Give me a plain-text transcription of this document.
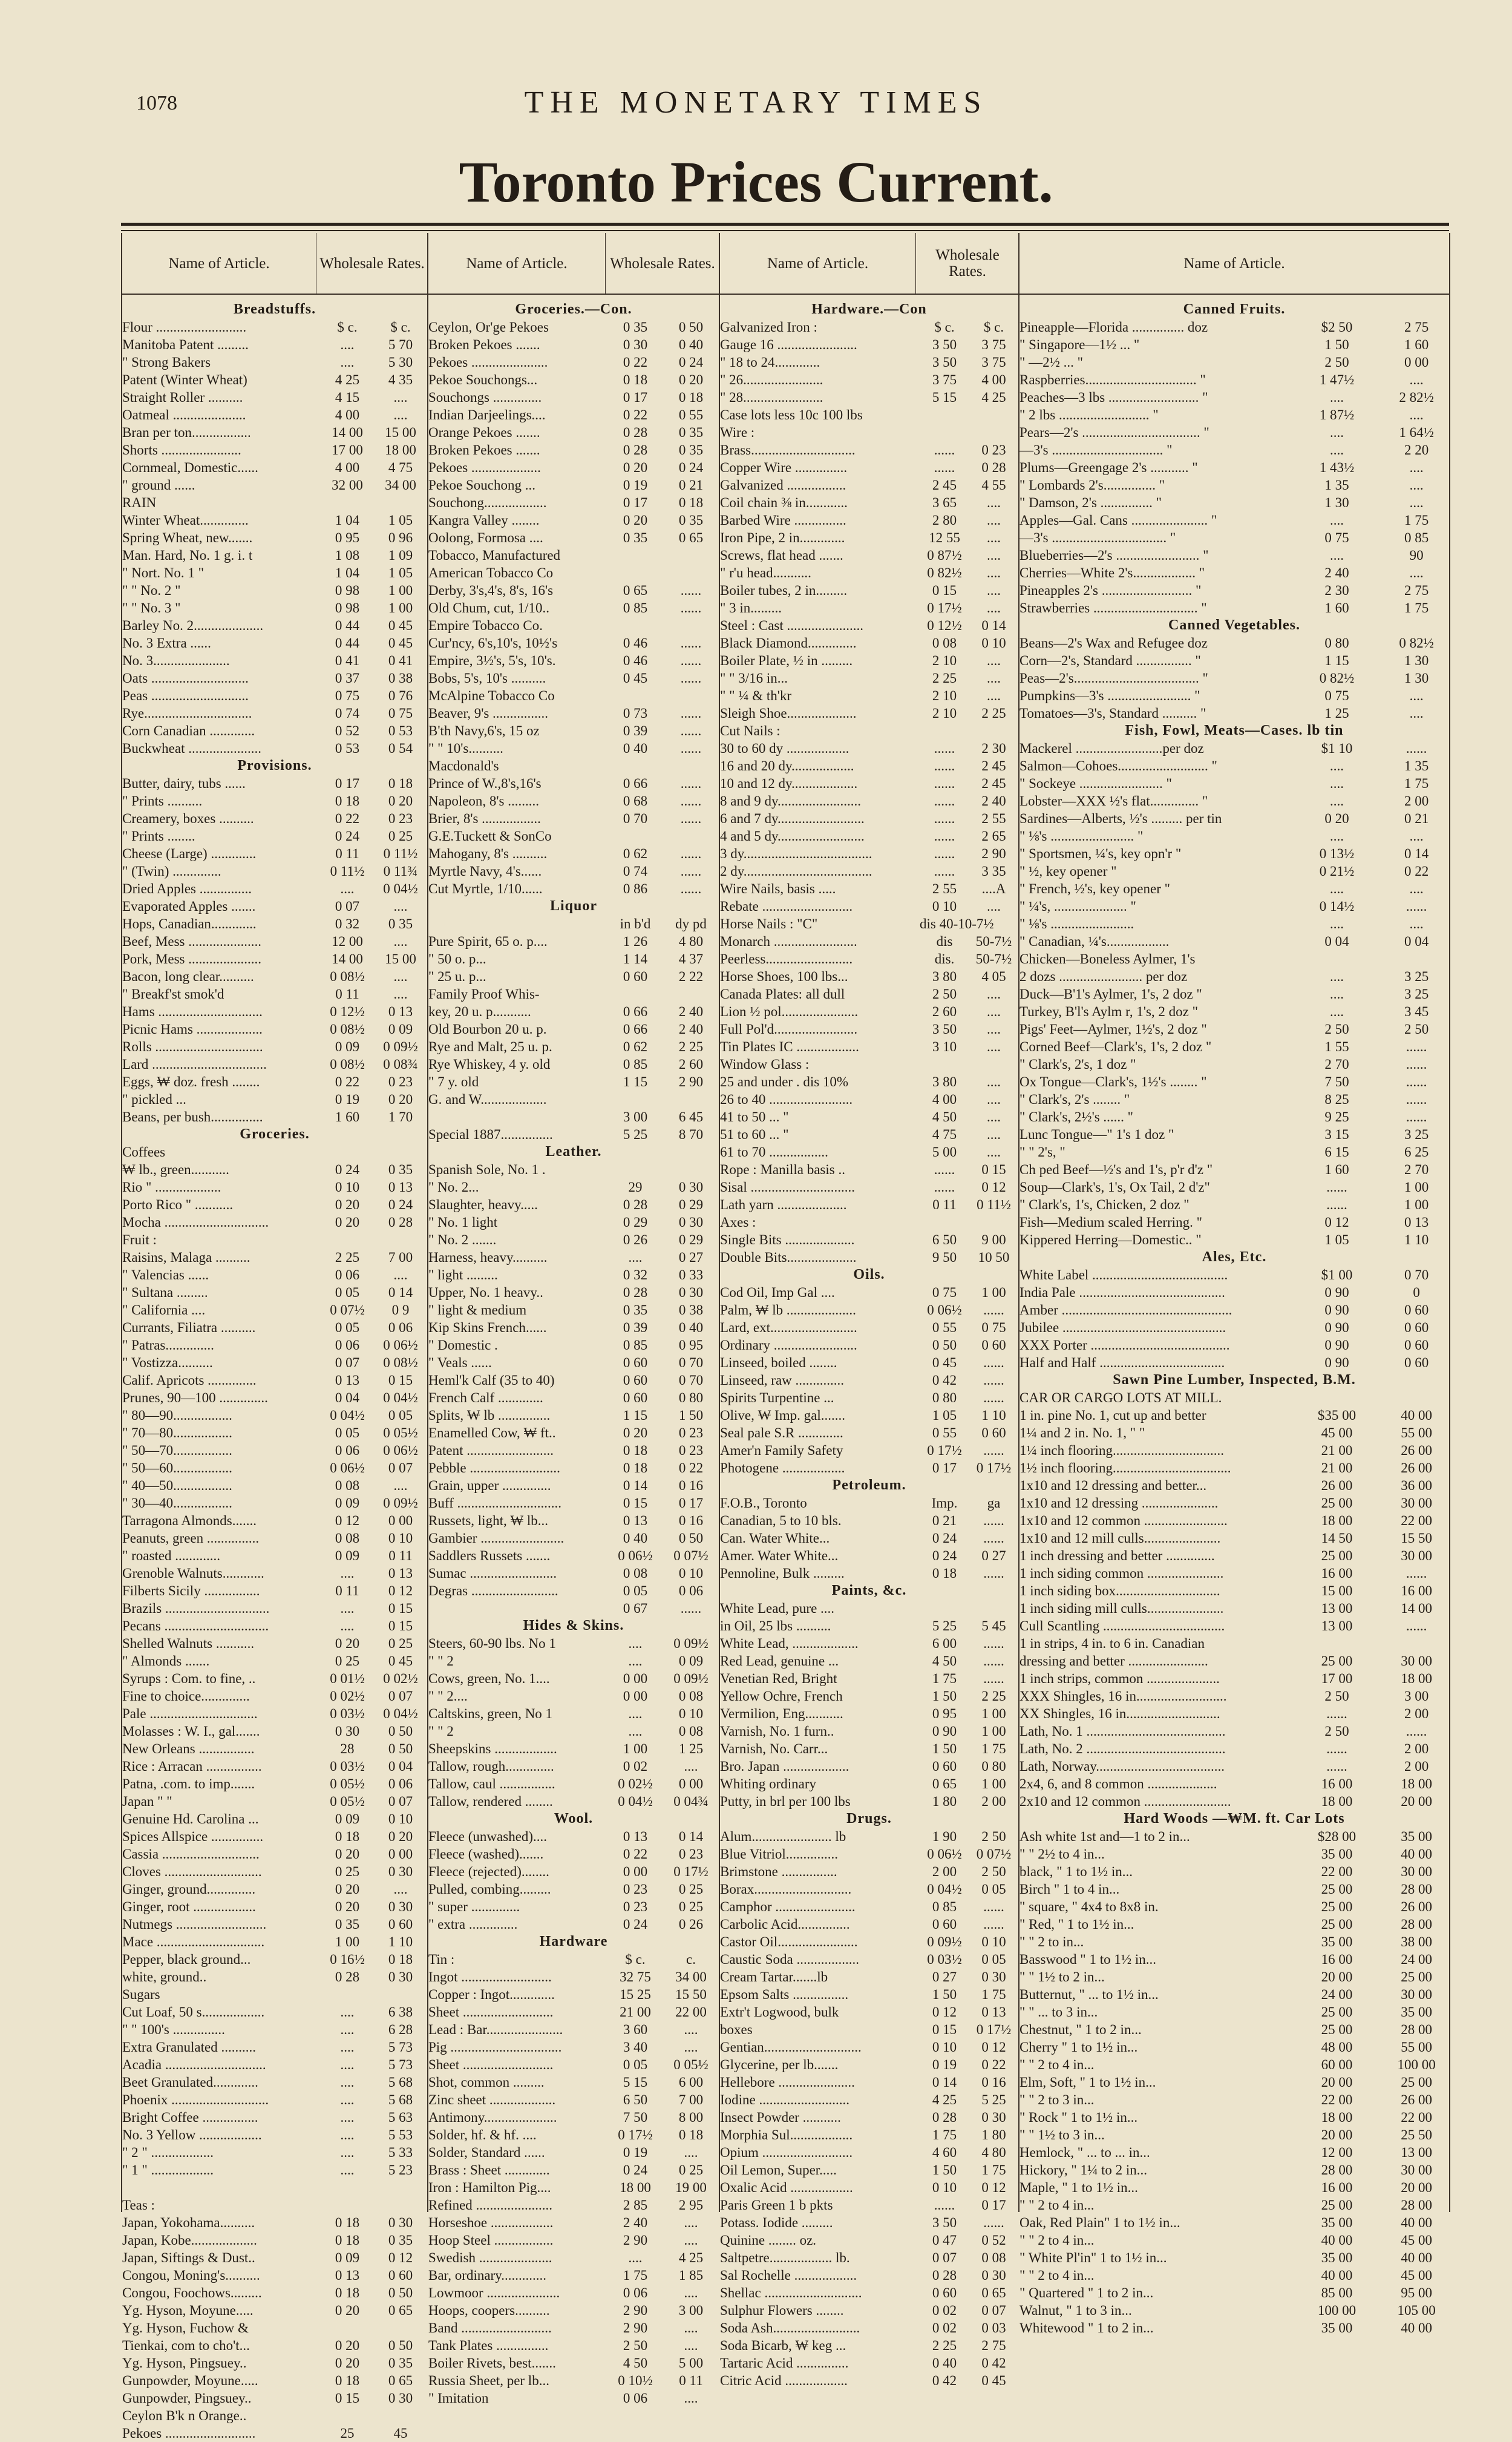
1078	THE MONETARY TIMES
Toronto Prices Current.
Name of Article.	Wholesale Rates.
Breadstuffs.
Flour ..........................	$ c.	$ c.
Manitoba Patent .........	....	5 70
" Strong Bakers	....	5 30
Patent (Winter Wheat)	4 25	4 35
Straight Roller ..........	4 15	....
Oatmeal .....................	4 00	....
Bran per ton.................	14 00	15 00
Shorts .......................	17 00	18 00
Cornmeal, Domestic......	4 00	4 75
" ground ......	32 00	34 00
RAIN
Winter Wheat..............	1 04	1 05
Spring Wheat, new.......	0 95	0 96
Man. Hard, No. 1 g. i. t	1 08	1 09
" Nort. No. 1 "	1 04	1 05
" " No. 2 "	0 98	1 00
" " No. 3 "	0 98	1 00
Barley No. 2....................	0 44	0 45
No. 3 Extra ......	0 44	0 45
No. 3......................	0 41	0 41
Oats ............................	0 37	0 38
Peas ............................	0 75	0 76
Rye...............................	0 74	0 75
Corn Canadian .............	0 52	0 53
Buckwheat .....................	0 53	0 54
Provisions.
Butter, dairy, tubs ......	0 17	0 18
" Prints ..........	0 18	0 20
Creamery, boxes ..........	0 22	0 23
" Prints ........	0 24	0 25
Cheese (Large) .............	0 11	0 11½
" (Twin) ..............	0 11½	0 11¾
Dried Apples ...............	....	0 04½
Evaporated Apples .......	0 07	....
Hops, Canadian.............	0 32	0 35
Beef, Mess .....................	12 00	....
Pork, Mess .....................	14 00	15 00
Bacon, long clear..........	0 08½	....
" Breakf'st smok'd	0 11	....
Hams ..............................	0 12½	0 13
Picnic Hams ...................	0 08½	0 09
Rolls ...............................	0 09	0 09½
Lard .................................	0 08½	0 08¾
Eggs, ₩ doz. fresh ........	0 22	0 23
" pickled ...	0 19	0 20
Beans, per bush...............	1 60	1 70
Groceries.
Coffees
₩ lb., green...........	0 24	0 35
Rio " ...................	0 10	0 13
Porto Rico " ...........	0 20	0 24
Mocha ..............................	0 20	0 28
Fruit :
Raisins, Malaga ..........	2 25	7 00
" Valencias ......	0 06	....
" Sultana .........	0 05	0 14
" California ....	0 07½	0 9
Currants, Filiatra ..........	0 05	0 06
" Patras..............	0 06	0 06½
" Vostizza..........	0 07	0 08½
Calif. Apricots ..............	0 13	0 15
Prunes, 90—100 ..............	0 04	0 04½
" 80—90.................	0 04½	0 05
" 70—80.................	0 05	0 05½
" 50—70.................	0 06	0 06½
" 50—60.................	0 06½	0 07
" 40—50.................	0 08	....
" 30—40.................	0 09	0 09½
Tarragona Almonds.......	0 12	0 00
Peanuts, green ...............	0 08	0 10
" roasted .............	0 09	0 11
Grenoble Walnuts............	....	0 13
Filberts Sicily ................	0 11	0 12
Brazils ..............................	....	0 15
Pecans ..............................	....	0 15
Shelled Walnuts ...........	0 20	0 25
" Almonds .......	0 25	0 45
Syrups : Com. to fine, ..	0 01½	0 02½
Fine to choice..............	0 02½	0 07
Pale ...............................	0 03½	0 04½
Molasses : W. I., gal.......	0 30	0 50
New Orleans ................	28	0 50
Rice : Arracan ................	0 03½	0 04
Patna, .com. to imp.......	0 05½	0 06
Japan " "	0 05½	0 07
Genuine Hd. Carolina ...	0 09	0 10
Spices Allspice ...............	0 18	0 20
Cassia ............................	0 20	0 00
Cloves ............................	0 25	0 30
Ginger, ground..............	0 20	....
Ginger, root ..................	0 20	0 30
Nutmegs ..........................	0 35	0 60
Mace ...............................	1 00	1 10
Pepper, black ground...	0 16½	0 18
white, ground..	0 28	0 30
Sugars
Cut Loaf, 50 s..................	....	6 38
" " 100's ...............	....	6 28
Extra Granulated ..........	....	5 73
Acadia .............................	....	5 73
Beet Granulated.............	....	5 68
Phoenix ............................	....	5 68
Bright Coffee ................	....	5 63
No. 3 Yellow ..................	....	5 53
" 2 " ..................	....	5 33
" 1 " ..................	....	5 23
Teas :
Japan, Yokohama..........	0 18	0 30
Japan, Kobe...................	0 18	0 35
Japan, Siftings & Dust..	0 09	0 12
Congou, Moning's..........	0 13	0 60
Congou, Foochows.........	0 18	0 50
Yg. Hyson, Moyune.....	0 20	0 65
Yg. Hyson, Fuchow &
Tienkai, com to cho't...	0 20	0 50
Yg. Hyson, Pingsuey..	0 20	0 35
Gunpowder, Moyune.....	0 18	0 65
Gunpowder, Pingsuey..	0 15	0 30
Ceylon B'k n Orange..
Pekoes ..........................	25	45
Name of Article.	Wholesale Rates.
Groceries.—Con.
Ceylon, Or'ge Pekoes	0 35	0 50
Broken Pekoes .......	0 30	0 40
Pekoes ......................	0 22	0 24
Pekoe Souchongs...	0 18	0 20
Souchongs ..............	0 17	0 18
Indian Darjeelings....	0 22	0 55
Orange Pekoes .......	0 28	0 35
Broken Pekoes .......	0 28	0 35
Pekoes ....................	0 20	0 24
Pekoe Souchong ...	0 19	0 21
Souchong..................	0 17	0 18
Kangra Valley ........	0 20	0 35
Oolong, Formosa ....	0 35	0 65
Tobacco, Manufactured
American Tobacco Co
Derby, 3's,4's, 8's, 16's	0 65	......
Old Chum, cut, 1/10..	0 85	......
Empire Tobacco Co.
Cur'ncy, 6's,10's, 10½'s	0 46	......
Empire, 3½'s, 5's, 10's.	0 46	......
Bobs, 5's, 10's ..........	0 45	......
McAlpine Tobacco Co
Beaver, 9's ................	0 73	......
B'th Navy,6's, 15 oz	0 39	......
" " 10's..........	0 40	......
Macdonald's
Prince of W.,8's,16's	0 66	......
Napoleon, 8's .........	0 68	......
Brier, 8's .................	0 70	......
G.E.Tuckett & SonCo
Mahogany, 8's ..........	0 62	......
Myrtle Navy, 4's......	0 74	......
Cut Myrtle, 1/10......	0 86	......
Liquor
in b'd	dy pd
Pure Spirit, 65 o. p....	1 26	4 80
" 50 o. p...	1 14	4 37
" 25 u. p...	0 60	2 22
Family Proof Whis-
key, 20 u. p...........	0 66	2 40
Old Bourbon 20 u. p.	0 66	2 40
Rye and Malt, 25 u. p.	0 62	2 25
Rye Whiskey, 4 y. old	0 85	2 60
" 7 y. old	1 15	2 90
G. and W...................
3 00	6 45
Special 1887...............	5 25	8 70
Leather.
Spanish Sole, No. 1 .
" No. 2...	29	0 30
Slaughter, heavy.....	0 28	0 29
" No. 1 light	0 29	0 30
" No. 2 .......	0 26	0 29
Harness, heavy..........	....	0 27
" light .........	0 32	0 33
Upper, No. 1 heavy..	0 28	0 30
" light & medium	0 35	0 38
Kip Skins French......	0 39	0 40
" Domestic .	0 85	0 95
" Veals ......	0 60	0 70
Heml'k Calf (35 to 40)	0 60	0 70
French Calf .............	0 60	0 80
Splits, ₩ lb ...............	1 15	1 50
Enamelled Cow, ₩ ft..	0 20	0 23
Patent .........................	0 18	0 23
Pebble ..........................	0 18	0 22
Grain, upper ..............	0 14	0 16
Buff ..............................	0 15	0 17
Russets, light, ₩ lb...	0 13	0 16
Gambier ........................	0 40	0 50
Saddlers Russets .......	0 06½	0 07½
Sumac .........................	0 08	0 10
Degras .........................	0 05	0 06
0 67	......
Hides & Skins.
Steers, 60-90 lbs. No 1	....	0 09½
" " 2	....	0 09
Cows, green, No. 1....	0 00	0 09½
" " 2....	0 00	0 08
Caltskins, green, No 1	....	0 10
" " 2	....	0 08
Sheepskins ..................	1 00	1 25
Tallow, rough..............	0 02	....
Tallow, caul ................	0 02½	0 00
Tallow, rendered ........	0 04½	0 04¾
Wool.
Fleece (unwashed)....	0 13	0 14
Fleece (washed).......	0 22	0 23
Fleece (rejected)........	0 00	0 17½
Pulled, combing.........	0 23	0 25
" super ..............	0 23	0 25
" extra ..............	0 24	0 26
Hardware
Tin :	$ c.	c.
Ingot ..........................	32 75	34 00
Copper : Ingot.............	15 25	15 50
Sheet ..........................	21 00	22 00
Lead : Bar......................	3 60	....
Pig ................................	3 40	....
Sheet ..........................	0 05	0 05½
Shot, common .........	5 15	6 00
Zinc sheet ...................	6 50	7 00
Antimony.....................	7 50	8 00
Solder, hf. & hf. ....	0 17½	0 18
Solder, Standard ......	0 19	....
Brass : Sheet .............	0 24	0 25
Iron : Hamilton Pig....	18 00	19 00
Refined ......................	2 85	2 95
Horseshoe ..................	2 40	....
Hoop Steel .................	2 90	....
Swedish .....................	....	4 25
Bar, ordinary.............	1 75	1 85
Lowmoor .....................	0 06	....
Hoops, coopers..........	2 90	3 00
Band ..........................	2 90	....
Tank Plates ...............	2 50	....
Boiler Rivets, best.......	4 50	5 00
Russia Sheet, per lb...	0 10½	0 11
" Imitation	0 06	....
Name of Article.	Wholesale Rates.
Hardware.—Con
Galvanized Iron :	$ c.	$ c.
Gauge 16 .......................	3 50	3 75
" 18 to 24.............	3 50	3 75
" 26.......................	3 75	4 00
" 28.......................	5 15	4 25
Case lots less 10c 100 lbs
Wire :
Brass..............................	......	0 23
Copper Wire ...............	......	0 28
Galvanized .................	2 45	4 55
Coil chain ⅜ in............	3 65	....
Barbed Wire ...............	2 80	....
Iron Pipe, 2 in.............	12 55	....
Screws, flat head .......	0 87½	....
" r'u head...........	0 82½	....
Boiler tubes, 2 in.........	0 15	....
" 3 in.........	0 17½	....
Steel : Cast ......................	0 12½	0 14
Black Diamond..............	0 08	0 10
Boiler Plate, ½ in .........	2 10	....
" " 3/16 in...	2 25	....
" " ¼ & th'kr	2 10	....
Sleigh Shoe....................	2 10	2 25
Cut Nails :
30 to 60 dy ..................	......	2 30
16 and 20 dy..................	......	2 45
10 and 12 dy...................	......	2 45
8 and 9 dy........................	......	2 40
6 and 7 dy.........................	......	2 55
4 and 5 dy.........................	......	2 65
3 dy.....................................	......	2 90
2 dy.....................................	......	3 35
Wire Nails, basis .....	2 55	....A
Rebate ..........................	0 10	....
Horse Nails : "C"	dis 40-10-7½
Monarch ........................	dis	50-7½
Peerless.........................	dis.	50-7½
Horse Shoes, 100 lbs...	3 80	4 05
Canada Plates: all dull	2 50	....
Lion ½ pol......................	2 60	....
Full Pol'd........................	3 50	....
Tin Plates IC ..................	3 10	....
Window Glass :
25 and under . dis 10%	3 80	....
26 to 40 ........................	4 00	....
41 to 50 ... "	4 50	....
51 to 60 ... "	4 75	....
61 to 70 .................	5 00	....
Rope : Manilla basis ..	......	0 15
Sisal ..............................	......	0 12
Lath yarn ....................	0 11	0 11½
Axes :
Single Bits ....................	6 50	9 00
Double Bits....................	9 50	10 50
Oils.
Cod Oil, Imp Gal ....	0 75	1 00
Palm, ₩ lb ....................	0 06½	......
Lard, ext.........................	0 55	0 75
Ordinary ........................	0 50	0 60
Linseed, boiled ........	0 45	......
Linseed, raw ..............	0 42	......
Spirits Turpentine ...	0 80	......
Olive, ₩ Imp. gal.......	1 05	1 10
Seal pale S.R .............	0 55	0 60
Amer'n Family Safety	0 17½	......
Photogene ..................	0 17	0 17½
Petroleum.
F.O.B., Toronto	Imp.	ga
Canadian, 5 to 10 bls.	0 21	......
Can. Water White...	0 24	......
Amer. Water White...	0 24	0 27
Pennoline, Bulk .........	0 18	......
Paints, &c.
White Lead, pure ....
in Oil, 25 lbs ..........	5 25	5 45
White Lead, ...................	6 00	......
Red Lead, genuine ...	4 50	......
Venetian Red, Bright	1 75	......
Yellow Ochre, French	1 50	2 25
Vermilion, Eng...........	0 95	1 00
Varnish, No. 1 furn..	0 90	1 00
Varnish, No. Carr...	1 50	1 75
Bro. Japan ...................	0 60	0 80
Whiting ordinary	0 65	1 00
Putty, in brl per 100 lbs	1 80	2 00
Drugs.
Alum....................... lb	1 90	2 50
Blue Vitriol...............	0 06½	0 07½
Brimstone ................	2 00	2 50
Borax............................	0 04½	0 05
Camphor .......................	0 85	......
Carbolic Acid...............	0 60	......
Castor Oil.......................	0 09½	0 10
Caustic Soda ..................	0 03½	0 05
Cream Tartar.......lb	0 27	0 30
Epsom Salts ................	1 50	1 75
Extr't Logwood, bulk	0 12	0 13
boxes	0 15	0 17½
Gentian............................	0 10	0 12
Glycerine, per lb.......	0 19	0 22
Hellebore ......................	0 14	0 16
Iodine ..........................	4 25	5 25
Insect Powder ...........	0 28	0 30
Morphia Sul..................	1 75	1 80
Opium ..........................	4 60	4 80
Oil Lemon, Super.....	1 50	1 75
Oxalic Acid ..................	0 10	0 12
Paris Green 1 b pkts	......	0 17
Potass. Iodide .........	3 50	......
Quinine ........ oz.	0 47	0 52
Saltpetre.................. lb.	0 07	0 08
Sal Rochelle ..................	0 28	0 30
Shellac ............................	0 60	0 65
Sulphur Flowers ........	0 02	0 07
Soda Ash.........................	0 02	0 03
Soda Bicarb, ₩ keg ...	2 25	2 75
Tartaric Acid ...............	0 40	0 42
Citric Acid ..................	0 42	0 45
Name of Article.
Canned Fruits.
Pineapple—Florida ............... doz	$2 50	2 75
" Singapore—1½ ... "	1 50	1 60
" —2½ ... "	2 50	0 00
Raspberries................................ "	1 47½	....
Peaches—3 lbs .......................... "	....	2 82½
" 2 lbs .......................... "	1 87½	....
Pears—2's .................................. "	....	1 64½
—3's ................................ "	....	2 20
Plums—Greengage 2's ........... "	1 43½	....
" Lombards 2's............... "	1 35	....
" Damson, 2's ............... "	1 30	....
Apples—Gal. Cans ...................... "	....	1 75
—3's ................................. "	0 75	0 85
Blueberries—2's ........................ "	....	90
Cherries—White 2's.................. "	2 40	....
Pineapples 2's .......................... "	2 30	2 75
Strawberries .............................. "	1 60	1 75
Canned Vegetables.
Beans—2's Wax and Refugee doz	0 80	0 82½
Corn—2's, Standard ................ "	1 15	1 30
Peas—2's.................................... "	0 82½	1 30
Pumpkins—3's ........................ "	0 75	....
Tomatoes—3's, Standard .......... "	1 25	....
Fish, Fowl, Meats—Cases. lb tin
Mackerel .........................per doz	$1 10	......
Salmon—Cohoes.......................... "	....	1 35
" Sockeye ........................ "	....	1 75
Lobster—XXX ½'s flat.............. "	....	2 00
Sardines—Alberts, ½'s ......... per tin	0 20	0 21
" ⅛'s ........................ "	....	....
" Sportsmen, ¼'s, key opn'r "	0 13½	0 14
" ½, key opener "	0 21½	0 22
" French, ½'s, key opener "	....	....
" ¼'s, ..................... "	0 14½	......
" ⅛'s ........................	....	....
" Canadian, ¼'s..................	0 04	0 04
Chicken—Boneless Aylmer, 1's
2 dozs ........................ per doz	....	3 25
Duck—B'1's Aylmer, 1's, 2 doz "	....	3 25
Turkey, B'l's Aylm r, 1's, 2 doz "	....	3 45
Pigs' Feet—Aylmer, 1½'s, 2 doz "	2 50	2 50
Corned Beef—Clark's, 1's, 2 doz "	1 55	......
" Clark's, 2's, 1 doz "	2 70	......
Ox Tongue—Clark's, 1½'s ........ "	7 50	......
" Clark's, 2's ........ "	8 25	......
" Clark's, 2½'s ...... "	9 25	......
Lunc Tongue—" 1's 1 doz "	3 15	3 25
" " 2's, "	6 15	6 25
Ch ped Beef—½'s and 1's, p'r d'z "	1 60	2 70
Soup—Clark's, 1's, Ox Tail, 2 d'z"	......	1 00
" Clark's, 1's, Chicken, 2 doz "	......	1 00
Fish—Medium scaled Herring. "	0 12	0 13
Kippered Herring—Domestic.. "	1 05	1 10
Ales, Etc.
White Label .......................................	$1 00	0 70
India Pale ..........................................	0 90	0
Amber .................................................	0 90	0 60
Jubilee ...............................................	0 90	0 60
XXX Porter ........................................	0 90	0 60
Half and Half ....................................	0 90	0 60
Sawn Pine Lumber, Inspected, B.M.
CAR OR CARGO LOTS AT MILL.
1 in. pine No. 1, cut up and better	$35 00	40 00
1¼ and 2 in. No. 1, " "	45 00	55 00
1¼ inch flooring................................	21 00	26 00
1½ inch flooring..................................	21 00	26 00
1x10 and 12 dressing and better...	26 00	36 00
1x10 and 12 dressing ......................	25 00	30 00
1x10 and 12 common ........................	18 00	22 00
1x10 and 12 mill culls......................	14 50	15 50
1 inch dressing and better ..............	25 00	30 00
1 inch siding common ......................	16 00	......
1 inch siding box..............................	15 00	16 00
1 inch siding mill culls......................	13 00	14 00
Cull Scantling ...................................	13 00	......
1 in strips, 4 in. to 6 in. Canadian
dressing and better .......................	25 00	30 00
1 inch strips, common .....................	17 00	18 00
XXX Shingles, 16 in..........................	2 50	3 00
XX Shingles, 16 in...........................	......	2 00
Lath, No. 1 ........................................	2 50	......
Lath, No. 2 ........................................	......	2 00
Lath, Norway.....................................	......	2 00
2x4, 6, and 8 common ....................	16 00	18 00
2x10 and 12 common .........................	18 00	20 00
Hard Woods —₩M. ft. Car Lots
Ash white 1st and—1 to 2 in...	$28 00	35 00
" " 2½ to 4 in...	35 00	40 00
black, " 1 to 1½ in...	22 00	30 00
Birch " 1 to 4 in...	25 00	28 00
" square, " 4x4 to 8x8 in.	25 00	26 00
" Red, " 1 to 1½ in...	25 00	28 00
" " 2 to in...	35 00	38 00
Basswood " 1 to 1½ in...	16 00	24 00
" " 1½ to 2 in...	20 00	25 00
Butternut, " ... to 1½ in...	24 00	30 00
" " ... to 3 in...	25 00	35 00
Chestnut, " 1 to 2 in...	25 00	28 00
Cherry " 1 to 1½ in...	48 00	55 00
" " 2 to 4 in...	60 00	100 00
Elm, Soft, " 1 to 1½ in...	20 00	25 00
" " 2 to 3 in...	22 00	26 00
" Rock " 1 to 1½ in...	18 00	22 00
" " 1½ to 3 in...	20 00	25 50
Hemlock, " ... to ... in...	12 00	13 00
Hickory, " 1¼ to 2 in...	28 00	30 00
Maple, " 1 to 1½ in...	16 00	20 00
" " 2 to 4 in...	25 00	28 00
Oak, Red Plain" 1 to 1½ in...	35 00	40 00
" " 2 to 4 in...	40 00	45 00
" White Pl'in" 1 to 1½ in...	35 00	40 00
" " 2 to 4 in...	40 00	45 00
" Quartered " 1 to 2 in...	85 00	95 00
Walnut, " 1 to 3 in...	100 00	105 00
Whitewood " 1 to 2 in...	35 00	40 00
